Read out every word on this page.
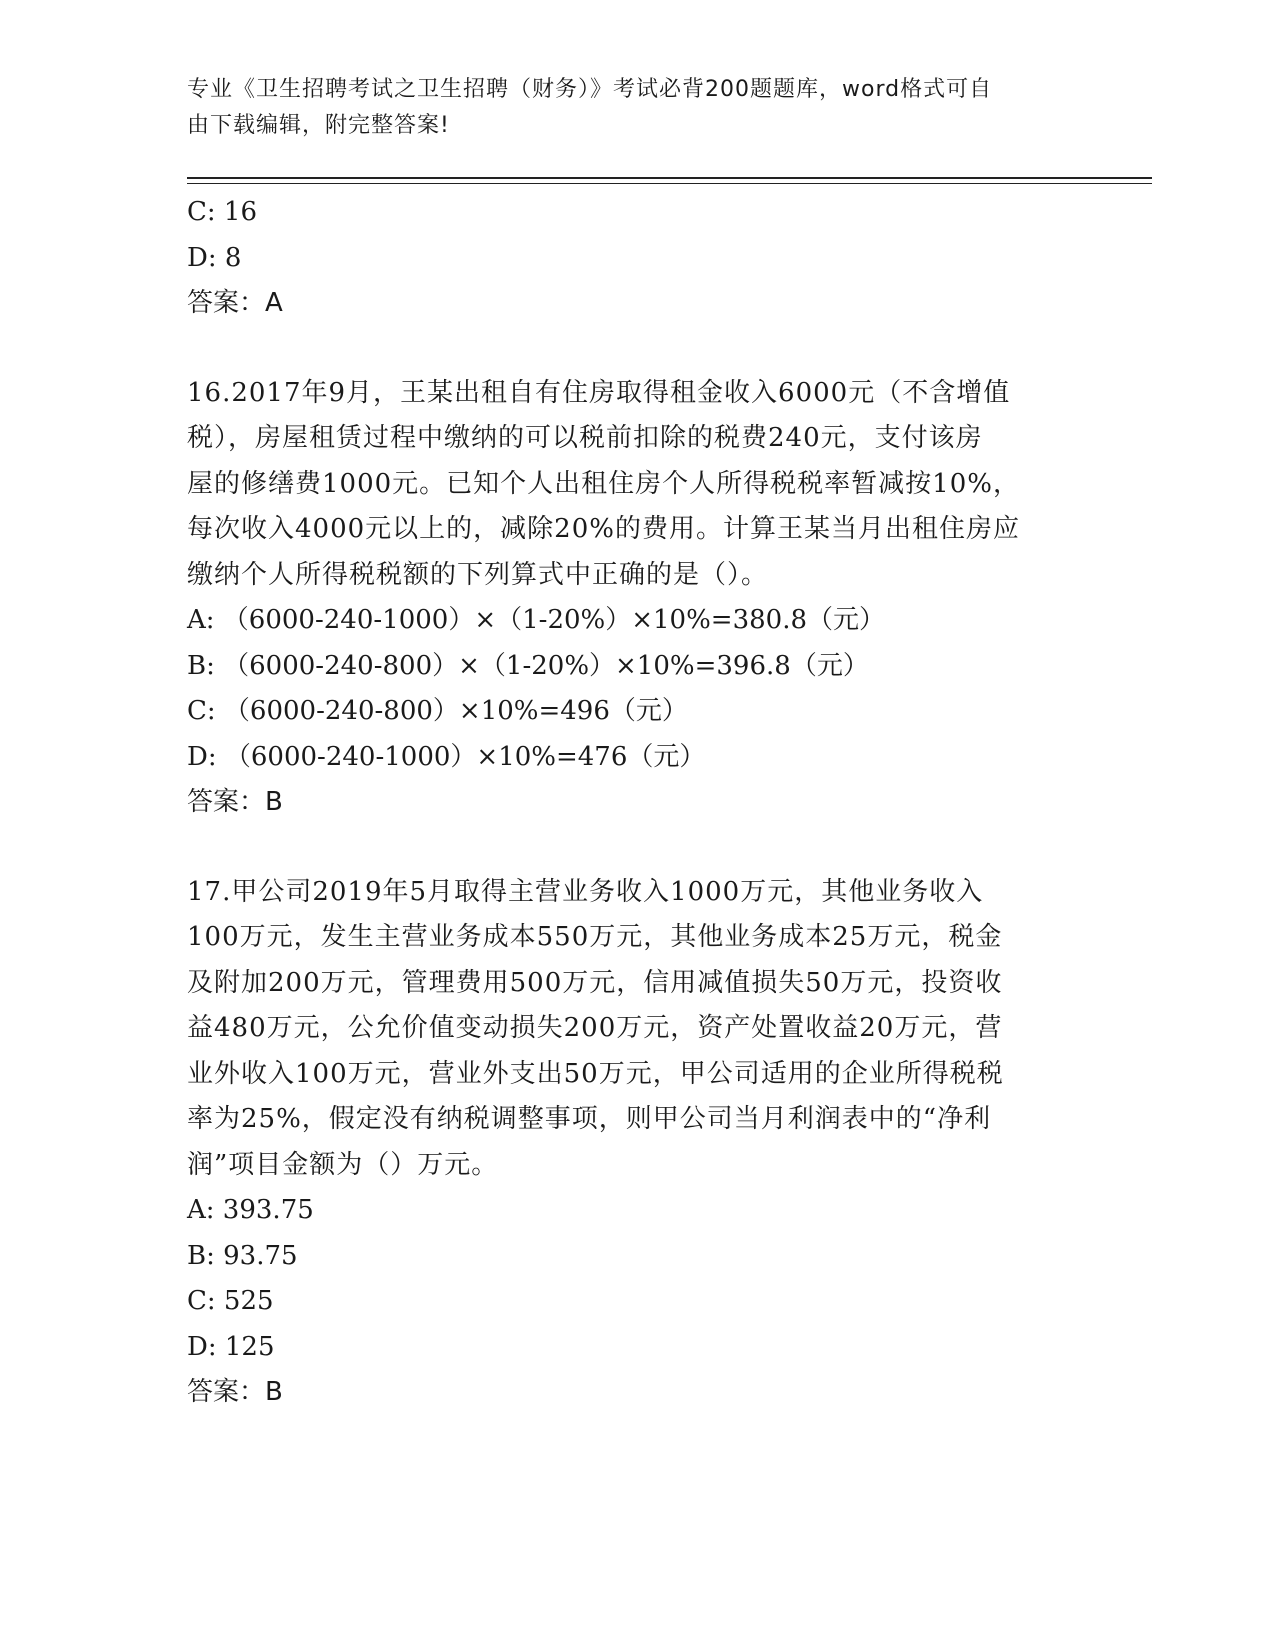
专业《卫生招聘考试之卫生招聘（财务）》考试必背200题题库，word格式可自
由下载编辑，附完整答案!
C: 16
D: 8
答案：A
16.2017年9月，王某出租自有住房取得租金收入6000元（不含增值
税），房屋租赁过程中缴纳的可以税前扣除的税费240元，支付该房
屋的修缮费1000元。已知个人出租住房个人所得税税率暂减按10%，
每次收入4000元以上的，减除20%的费用。计算王某当月出租住房应
缴纳个人所得税税额的下列算式中正确的是（）。
A: （6000-240-1000）×（1-20%）×10%=380.8（元）
B: （6000-240-800）×（1-20%）×10%=396.8（元）
C: （6000-240-800）×10%=496（元）
D: （6000-240-1000）×10%=476（元）
答案：B
17.甲公司2019年5月取得主营业务收入1000万元，其他业务收入
100万元，发生主营业务成本550万元，其他业务成本25万元，税金
及附加200万元，管理费用500万元，信用减值损失50万元，投资收
益480万元，公允价值变动损失200万元，资产处置收益20万元，营
业外收入100万元，营业外支出50万元，甲公司适用的企业所得税税
率为25%，假定没有纳税调整事项，则甲公司当月利润表中的“净利
润”项目金额为（）万元。
A: 393.75
B: 93.75
C: 525
D: 125
答案：B
